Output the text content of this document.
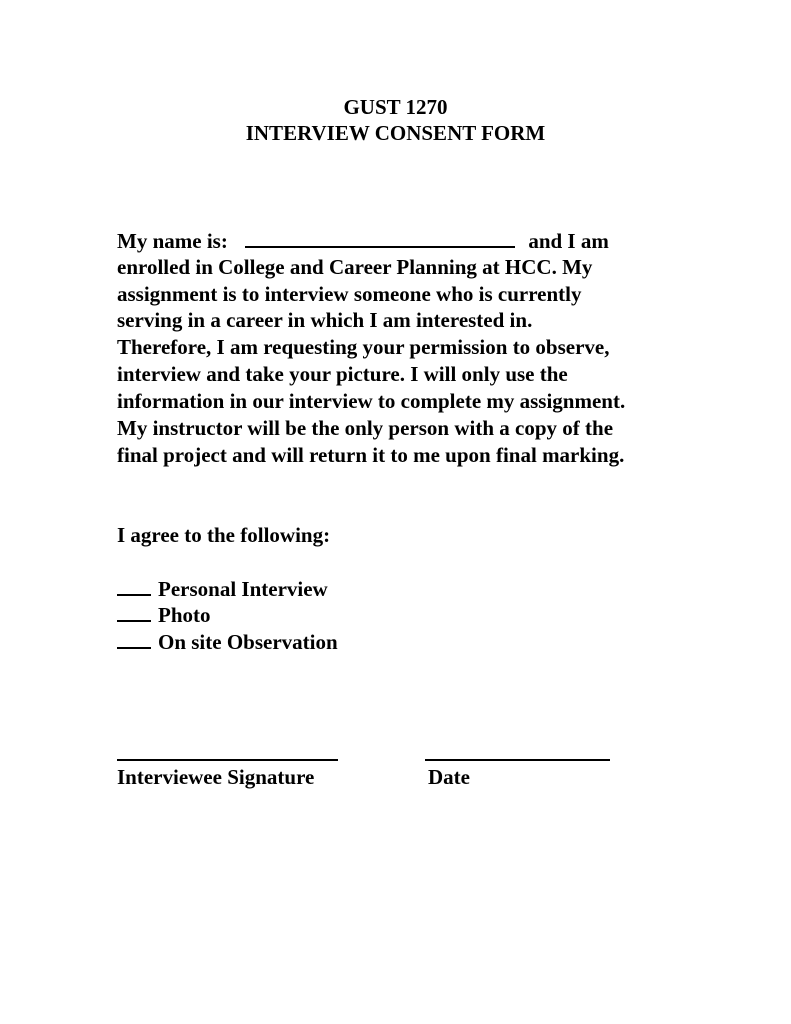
GUST 1270
INTERVIEW CONSENT FORM
My name is:	and I am
enrolled in College and Career Planning at HCC. My
assignment is to interview someone who is currently
serving in a career in which I am interested in.
Therefore, I am requesting your permission to observe,
interview and take your picture. I will only use the
information in our interview to complete my assignment.
My instructor will be the only person with a copy of the
final project and will return it to me upon final marking.
I agree to the following:
Personal Interview
Photo
On site Observation
Interviewee Signature	Date
